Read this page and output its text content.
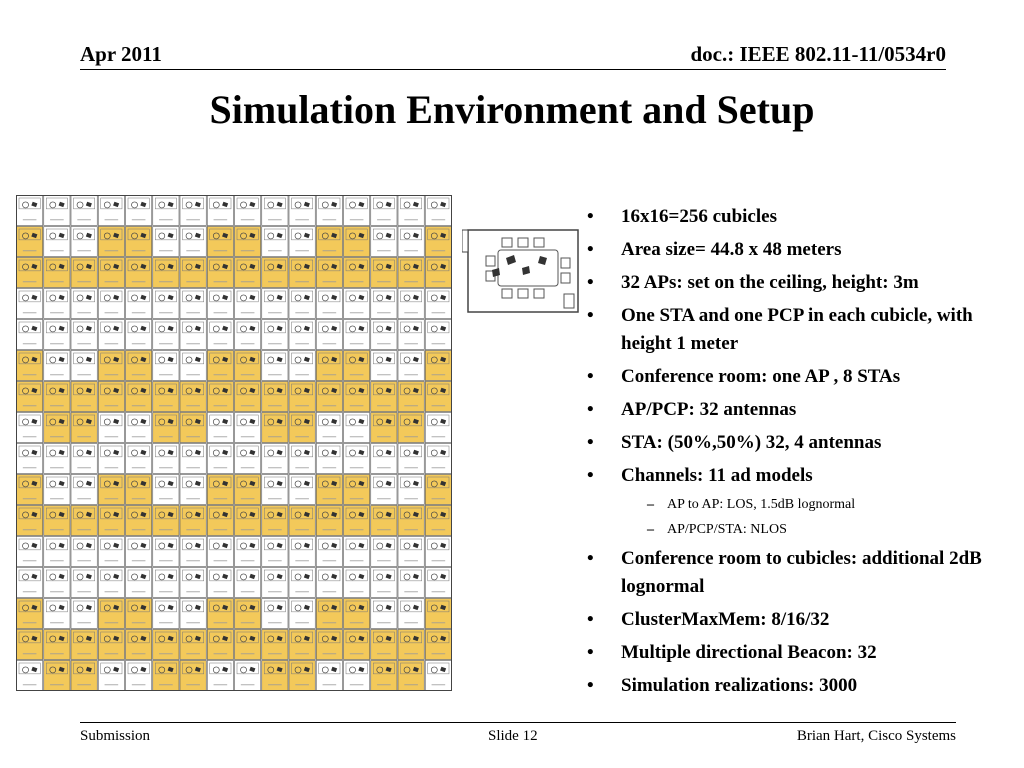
Apr 2011	doc.: IEEE 802.11-11/0534r0
Simulation Environment and Setup
• 16x16=256 cubicles
• Area size= 44.8 x 48 meters
• 32 APs: set on the ceiling, height: 3m
• One STA and one PCP in each cubicle, with height 1 meter
• Conference room: one AP , 8 STAs
• AP/PCP: 32 antennas
• STA: (50%,50%) 32, 4 antennas
• Channels: 11 ad models
– AP to AP: LOS, 1.5dB lognormal
– AP/PCP/STA: NLOS
• Conference room to cubicles: additional 2dB lognormal
• ClusterMaxMem: 8/16/32
• Multiple directional Beacon: 32
• Simulation realizations: 3000
Submission	Slide 12	Brian Hart, Cisco Systems
